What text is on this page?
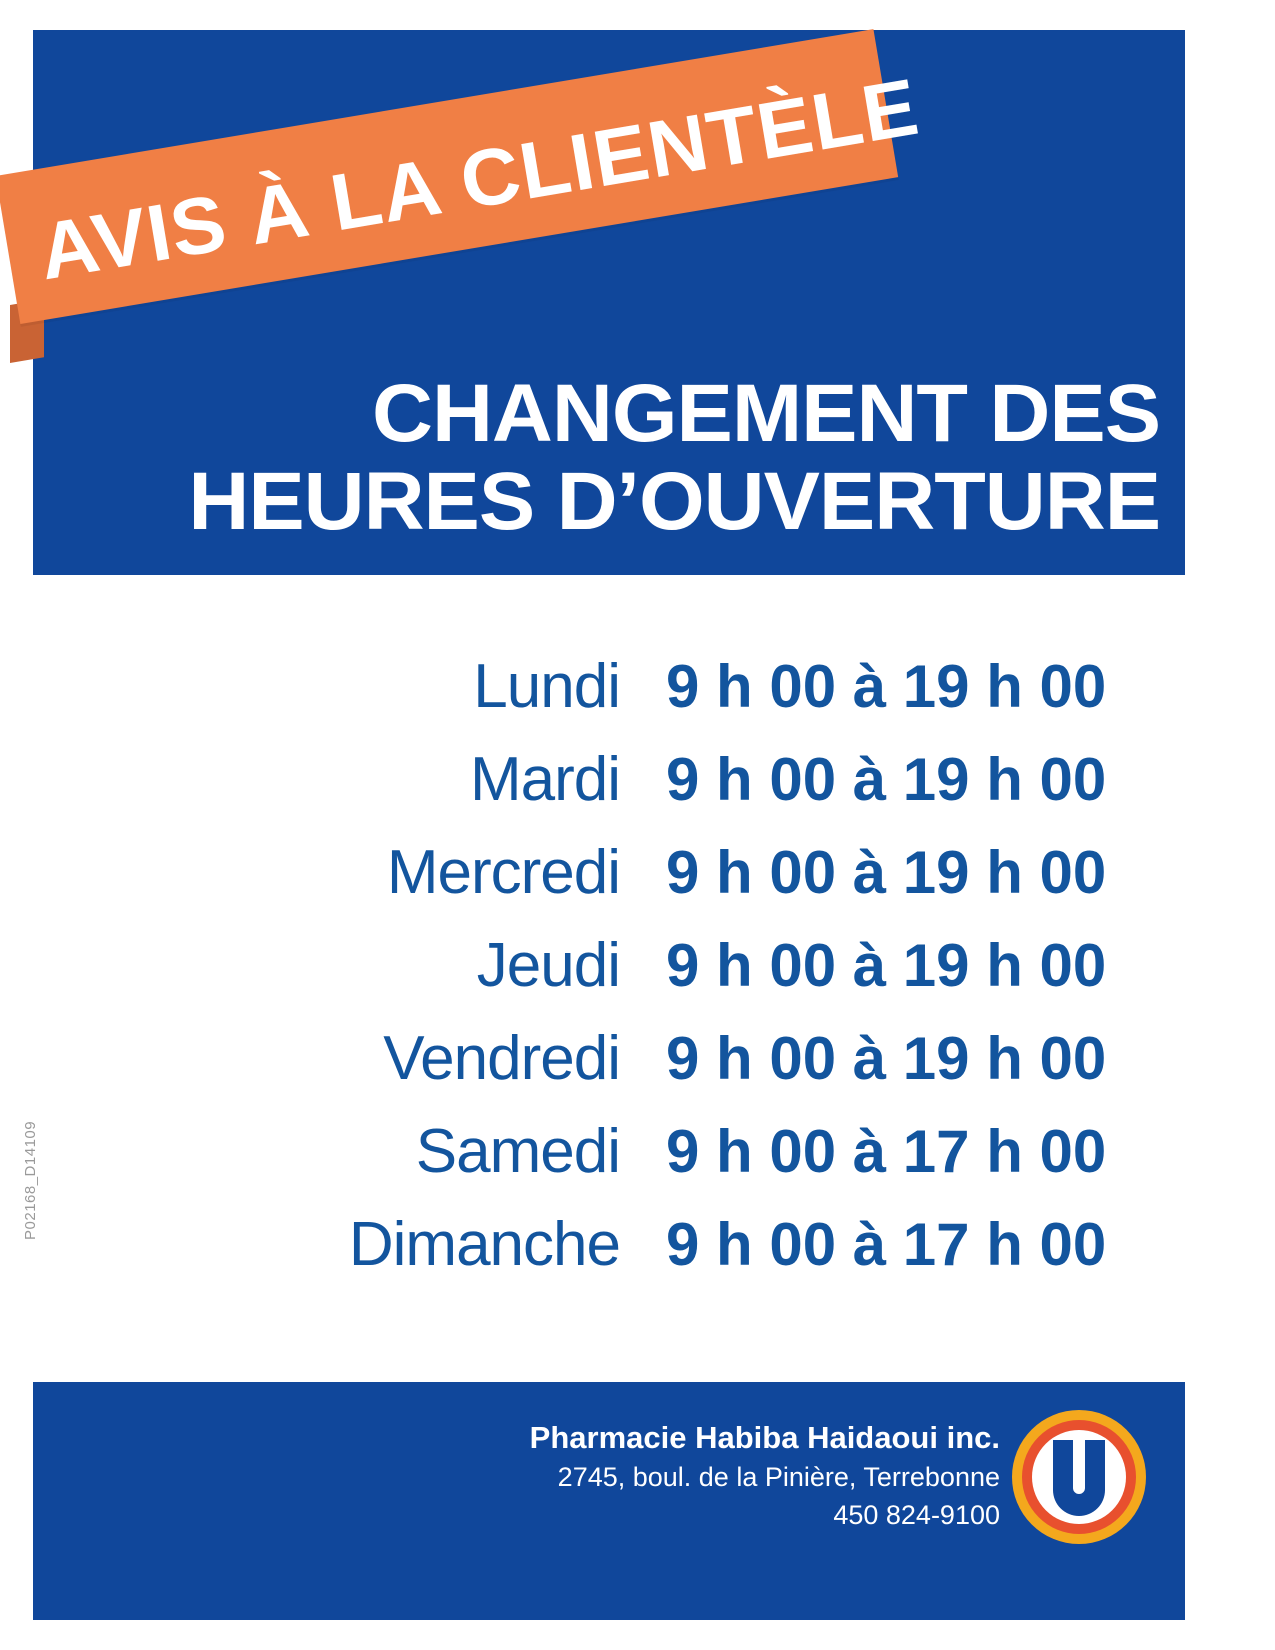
AVIS À LA CLIENTÈLE
CHANGEMENT DES
HEURES D’OUVERTURE
Lundi 9 h 00 à 19 h 00
Mardi 9 h 00 à 19 h 00
Mercredi 9 h 00 à 19 h 00
Jeudi 9 h 00 à 19 h 00
Vendredi 9 h 00 à 19 h 00
Samedi 9 h 00 à 17 h 00
Dimanche 9 h 00 à 17 h 00
P02168_D14109
Pharmacie Habiba Haidaoui inc.
2745, boul. de la Pinière, Terrebonne
450 824-9100
